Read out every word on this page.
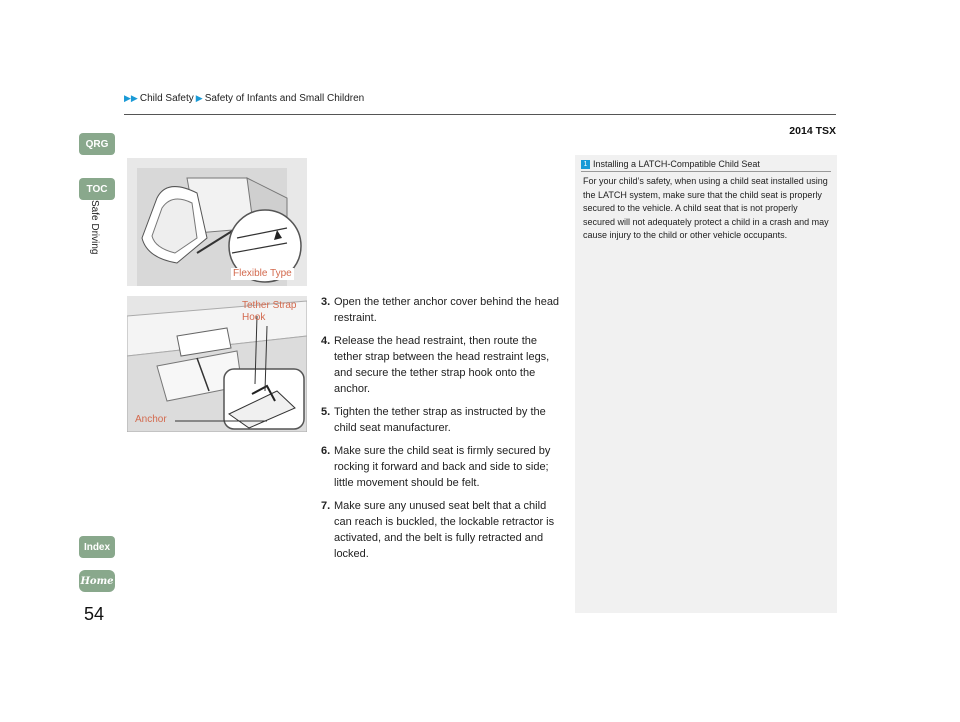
▶▶ Child Safety ▶ Safety of Infants and Small Children
2014 TSX
QRG
TOC
Safe Driving
Index
Home
54
Flexible Type
Tether Strap
Hook
Anchor
3. Open the tether anchor cover behind the head restraint.
4. Release the head restraint, then route the tether strap between the head restraint legs, and secure the tether strap hook onto the anchor.
5. Tighten the tether strap as instructed by the child seat manufacturer.
6. Make sure the child seat is firmly secured by rocking it forward and back and side to side; little movement should be felt.
7. Make sure any unused seat belt that a child can reach is buckled, the lockable retractor is activated, and the belt is fully retracted and locked.
1 Installing a LATCH-Compatible Child Seat
For your child’s safety, when using a child seat installed using the LATCH system, make sure that the child seat is properly secured to the vehicle. A child seat that is not properly secured will not adequately protect a child in a crash and may cause injury to the child or other vehicle occupants.
